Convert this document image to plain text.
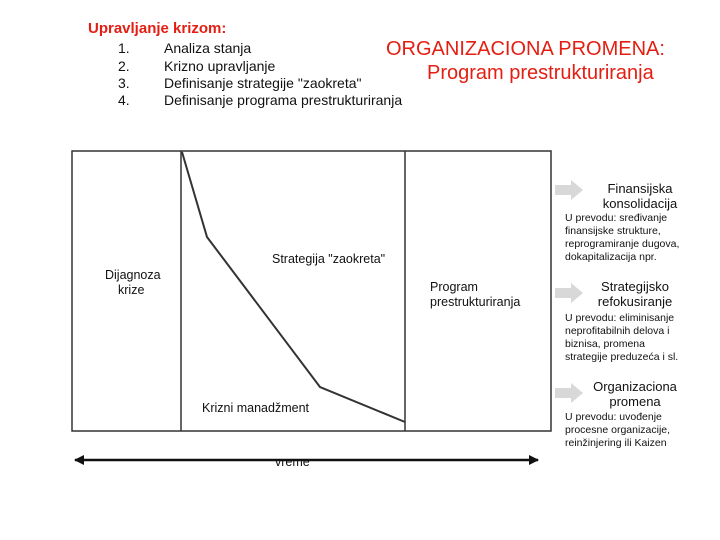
Upravljanje krizom:
1. Analiza stanja
2. Krizno upravljanje
3. Definisanje strategije "zaokreta"
4. Definisanje programa prestrukturiranja
ORGANIZACIONA PROMENA:
Program prestrukturiranja
Dijagnoza
krize
Strategija "zaokreta"
Krizni manadžment
Program
prestrukturiranja
vreme
Finansijska
konsolidacija
U prevodu: sređivanje
finansijske strukture,
reprogramiranje dugova,
dokapitalizacija npr.
Strategijsko
refokusiranje
U prevodu: eliminisanje
neprofitabilnih delova i
biznisa, promena
strategije preduzeća i sl.
Organizaciona
promena
U prevodu: uvođenje
procesne organizacije,
reinžinjering ili Kaizen
